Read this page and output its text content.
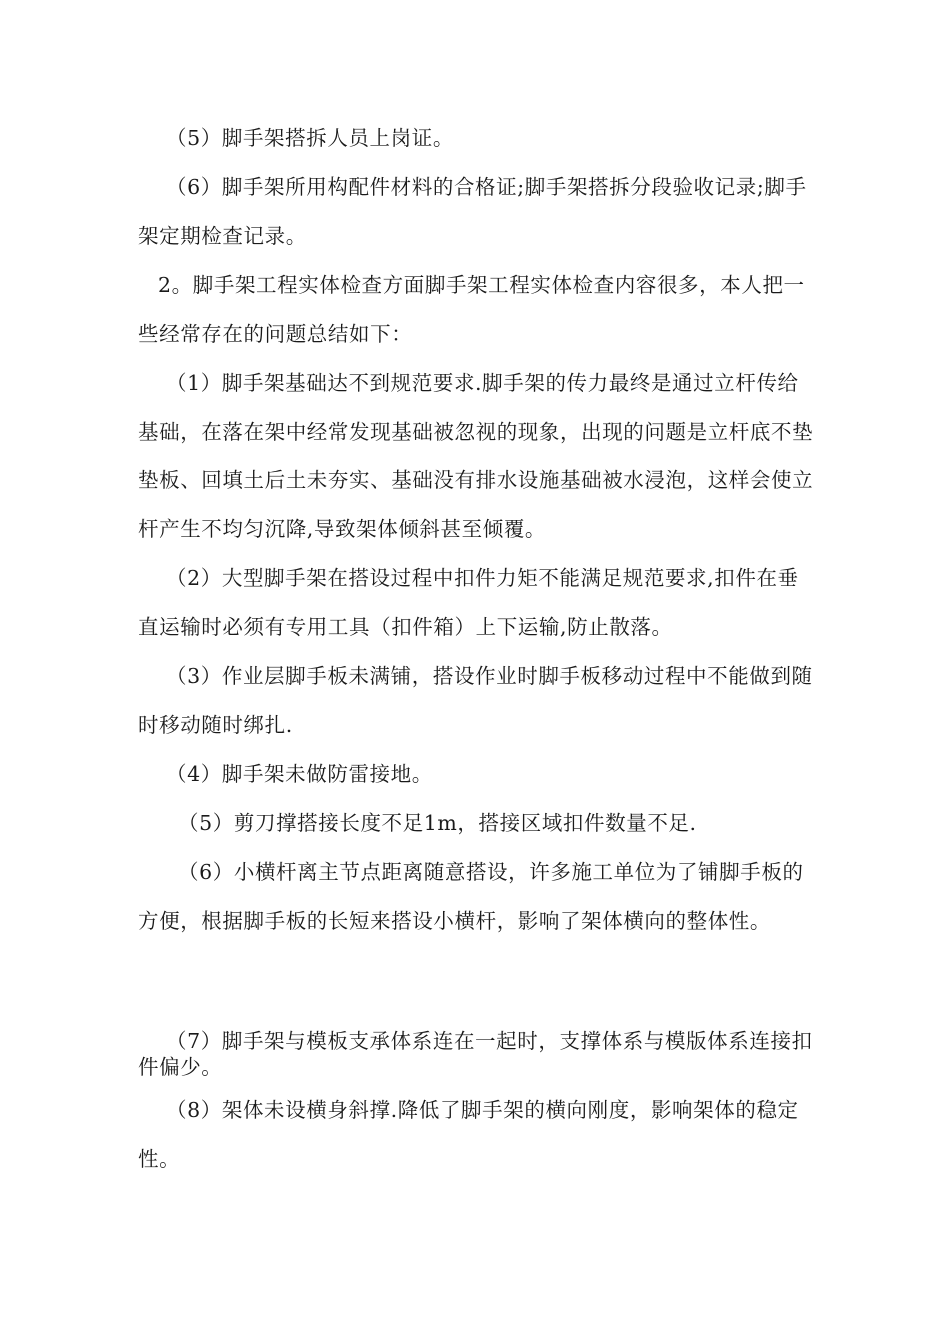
（5）脚手架搭拆人员上岗证。

（6）脚手架所用构配件材料的合格证;脚手架搭拆分段验收记录;脚手架定期检查记录。

2。脚手架工程实体检查方面脚手架工程实体检查内容很多，本人把一些经常存在的问题总结如下：

（1）脚手架基础达不到规范要求.脚手架的传力最终是通过立杆传给基础，在落在架中经常发现基础被忽视的现象，出现的问题是立杆底不垫垫板、回填土后土未夯实、基础没有排水设施基础被水浸泡，这样会使立杆产生不均匀沉降,导致架体倾斜甚至倾覆。

（2）大型脚手架在搭设过程中扣件力矩不能满足规范要求,扣件在垂直运输时必须有专用工具（扣件箱）上下运输,防止散落。

（3）作业层脚手板未满铺，搭设作业时脚手板移动过程中不能做到随时移动随时绑扎.

（4）脚手架未做防雷接地。

（5）剪刀撑搭接长度不足1m，搭接区域扣件数量不足.

（6）小横杆离主节点距离随意搭设，许多施工单位为了铺脚手板的方便，根据脚手板的长短来搭设小横杆，影响了架体横向的整体性。

（7）脚手架与模板支承体系连在一起时，支撑体系与模版体系连接扣件偏少。

（8）架体未设横身斜撑.降低了脚手架的横向刚度，影响架体的稳定性。
